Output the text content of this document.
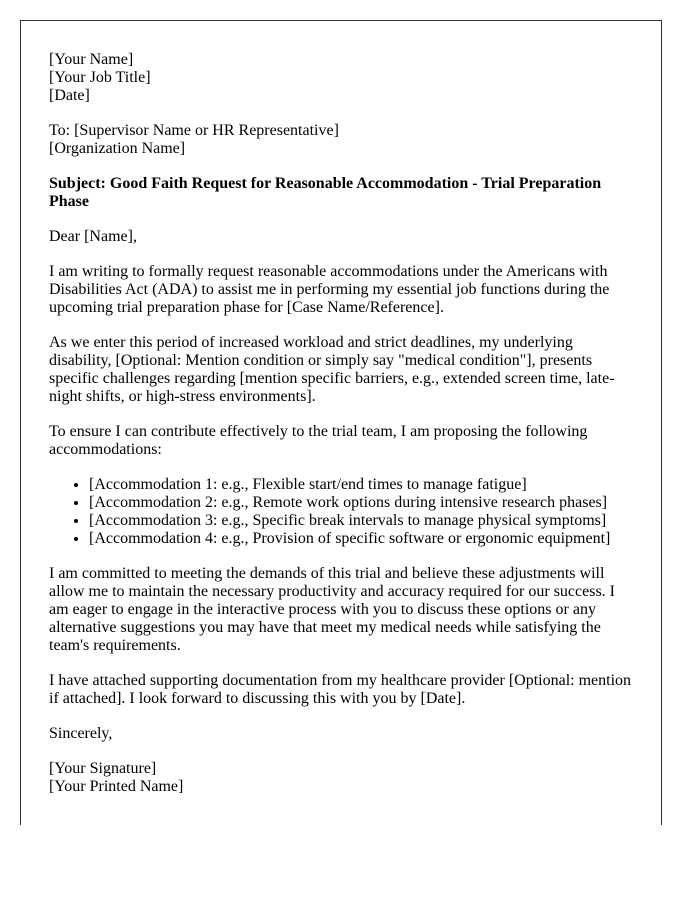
[Your Name]
[Your Job Title]
[Date]

To: [Supervisor Name or HR Representative]
[Organization Name]

Subject: Good Faith Request for Reasonable Accommodation - Trial Preparation Phase

Dear [Name],

I am writing to formally request reasonable accommodations under the Americans with Disabilities Act (ADA) to assist me in performing my essential job functions during the upcoming trial preparation phase for [Case Name/Reference].

As we enter this period of increased workload and strict deadlines, my underlying disability, [Optional: Mention condition or simply say "medical condition"], presents specific challenges regarding [mention specific barriers, e.g., extended screen time, late-night shifts, or high-stress environments].

To ensure I can contribute effectively to the trial team, I am proposing the following accommodations:

• [Accommodation 1: e.g., Flexible start/end times to manage fatigue]
• [Accommodation 2: e.g., Remote work options during intensive research phases]
• [Accommodation 3: e.g., Specific break intervals to manage physical symptoms]
• [Accommodation 4: e.g., Provision of specific software or ergonomic equipment]

I am committed to meeting the demands of this trial and believe these adjustments will allow me to maintain the necessary productivity and accuracy required for our success. I am eager to engage in the interactive process with you to discuss these options or any alternative suggestions you may have that meet my medical needs while satisfying the team's requirements.

I have attached supporting documentation from my healthcare provider [Optional: mention if attached]. I look forward to discussing this with you by [Date].

Sincerely,

[Your Signature]
[Your Printed Name]
